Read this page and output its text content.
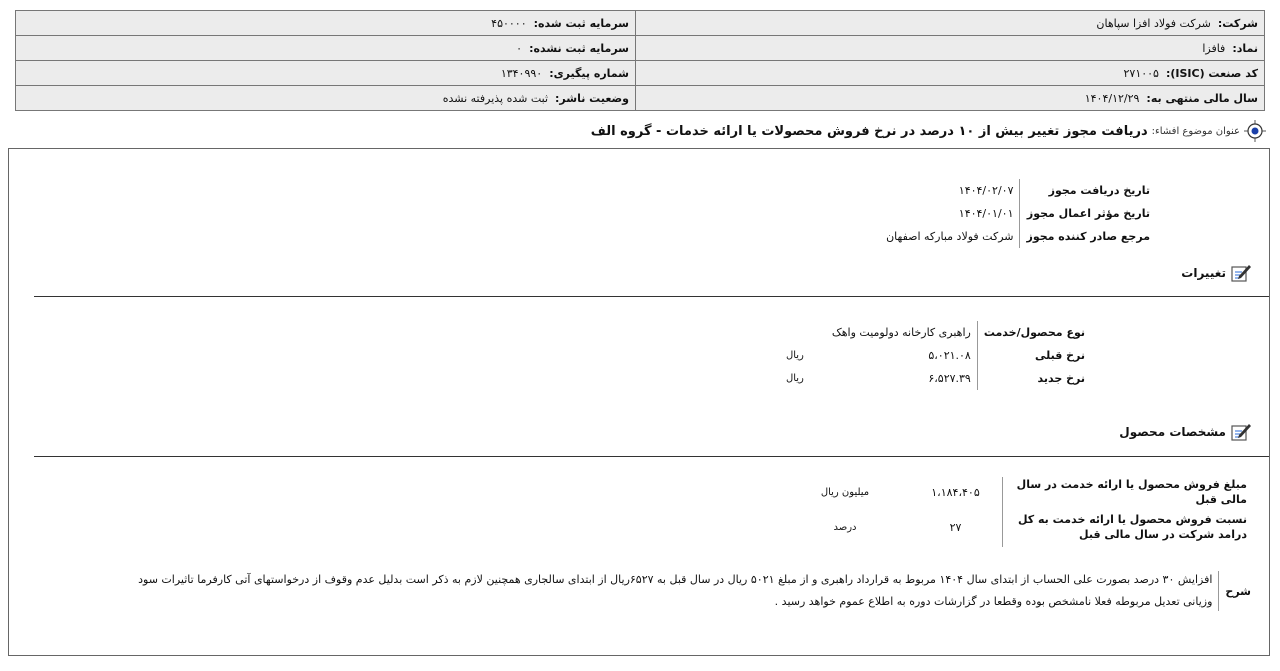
شرکت:  شرکت فولاد افزا سپاهان	سرمایه ثبت شده:  ۴۵۰۰۰۰
نماد:  فافزا	سرمایه ثبت نشده:  ۰
کد صنعت (ISIC):  ۲۷۱۰۰۵	شماره پیگیری:  ۱۳۴۰۹۹۰
سال مالی منتهی به:  ۱۴۰۴/۱۲/۲۹	وضعیت ناشر:  ثبت شده پذیرفته نشده
عنوان موضوع افشاء:
دریافت مجوز تغییر بیش از ۱۰ درصد در نرخ فروش محصولات یا ارائه خدمات - گروه الف
تاریخ دریافت مجوز	۱۴۰۴/۰۲/۰۷
تاریخ مؤثر اعمال مجوز	۱۴۰۴/۰۱/۰۱
مرجع صادر کننده مجوز	شرکت فولاد مبارکه اصفهان
تغییرات
نوع محصول/خدمت	راهبری کارخانه دولومیت واهک	
نرخ قبلی	۵،۰۲۱.۰۸	ریال
نرخ جدید	۶،۵۲۷.۳۹	ریال
مشخصات محصول
مبلغ فروش محصول یا ارائه خدمت در سال مالی قبل	۱،۱۸۴،۴۰۵	میلیون ریال
نسبت فروش محصول یا ارائه خدمت به کل درامد شرکت در سال مالی قبل	۲۷	درصد
شرح
افزایش ۳۰ درصد بصورت علی الحساب از ابتدای سال ۱۴۰۴ مربوط به قرارداد راهبری و از مبلغ ۵۰۲۱ ریال در سال قبل به ۶۵۲۷ریال از ابتدای سالجاری همچنین لازم به ذکر است بدلیل عدم وقوف از درخواستهای آتی کارفرما تاثیرات سود وزیانی تعدیل مربوطه فعلا نامشخص بوده وقطعا در گزارشات دوره به اطلاع عموم خواهد رسید .
